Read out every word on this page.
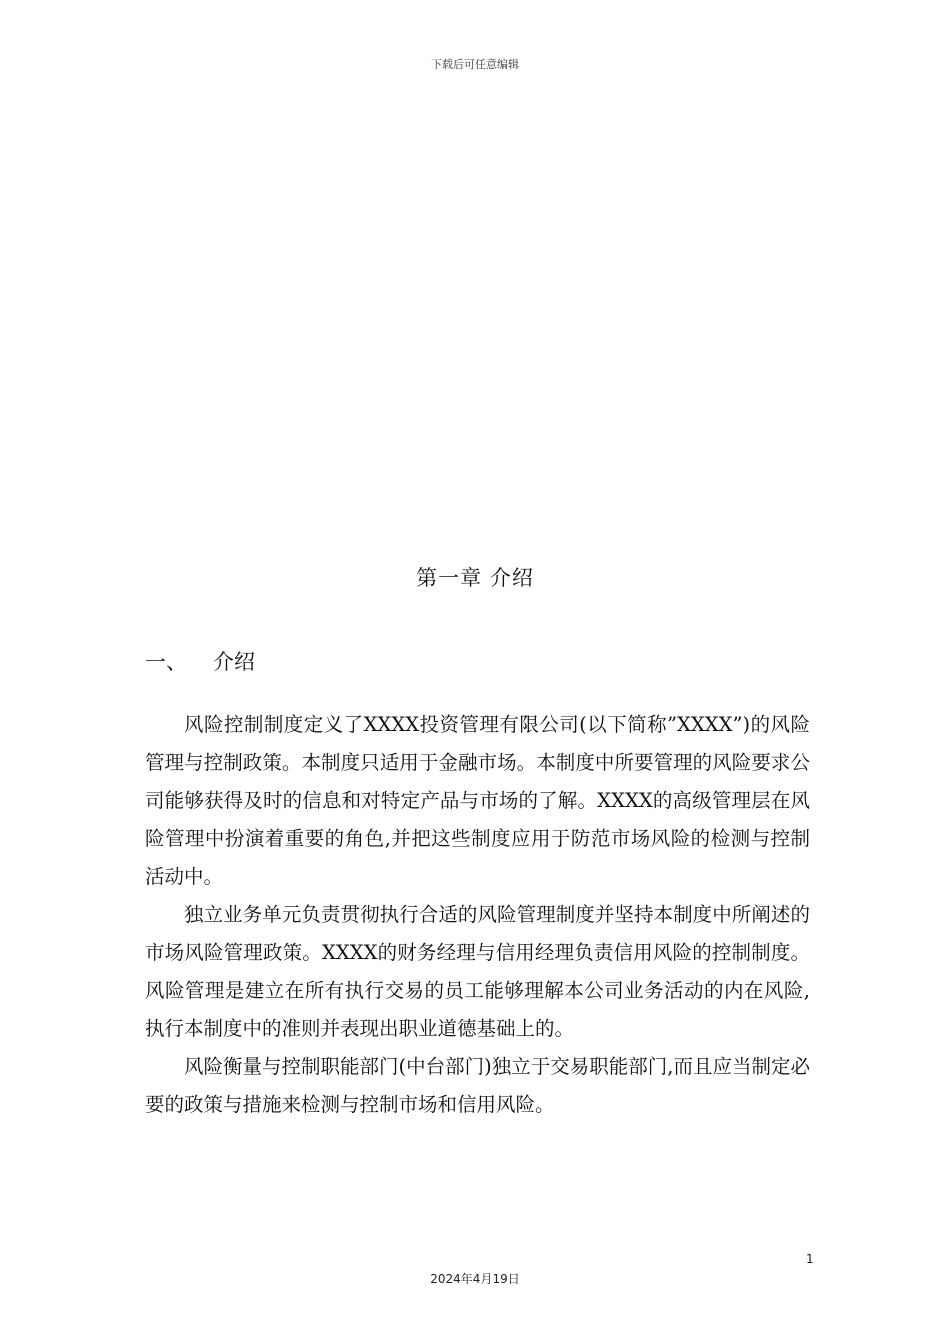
下载后可任意编辑
第一章 介绍
一、	介绍

风险控制制度定义了XXXX投资管理有限公司(以下简称”XXXX”)的风险管理与控制政策。本制度只适用于金融市场。本制度中所要管理的风险要求公司能够获得及时的信息和对特定产品与市场的了解。XXXX的高级管理层在风险管理中扮演着重要的角色,并把这些制度应用于防范市场风险的检测与控制活动中。

独立业务单元负责贯彻执行合适的风险管理制度并坚持本制度中所阐述的市场风险管理政策。XXXX的财务经理与信用经理负责信用风险的控制制度。风险管理是建立在所有执行交易的员工能够理解本公司业务活动的内在风险,执行本制度中的准则并表现出职业道德基础上的。

风险衡量与控制职能部门(中台部门)独立于交易职能部门,而且应当制定必要的政策与措施来检测与控制市场和信用风险。

1
2024年4月19日
